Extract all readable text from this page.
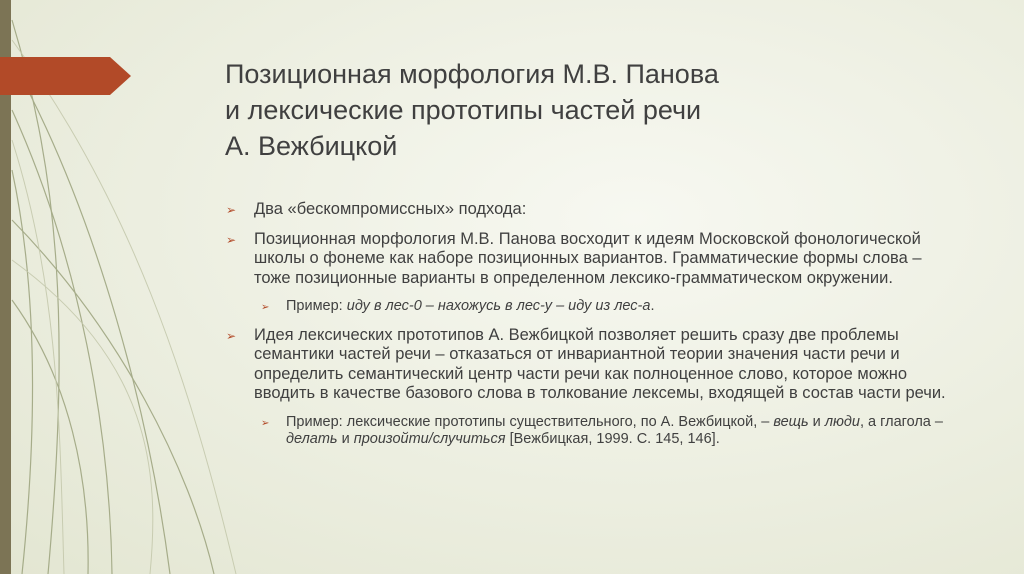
Позиционная морфология М.В. Панова
и лексические прототипы частей речи
А. Вежбицкой
➢ Два «бескомпромиссных» подхода:
➢ Позиционная морфология М.В. Панова восходит к идеям Московской фонологической школы о фонеме как наборе позиционных вариантов. Грамматические формы слова – тоже позиционные варианты в определенном лексико-грамматическом окружении.
➢ Пример: иду в лес-0 – нахожусь в лес-у – иду из лес-а.
➢ Идея лексических прототипов А. Вежбицкой позволяет решить сразу две проблемы семантики частей речи – отказаться от инвариантной теории значения части речи и определить семантический центр части речи как полноценное слово, которое можно вводить в качестве базового слова в толкование лексемы, входящей в состав части речи.
➢ Пример: лексические прототипы существительного, по А. Вежбицкой, – вещь и люди, а глагола – делать и произойти/случиться [Вежбицкая, 1999. С. 145, 146].
